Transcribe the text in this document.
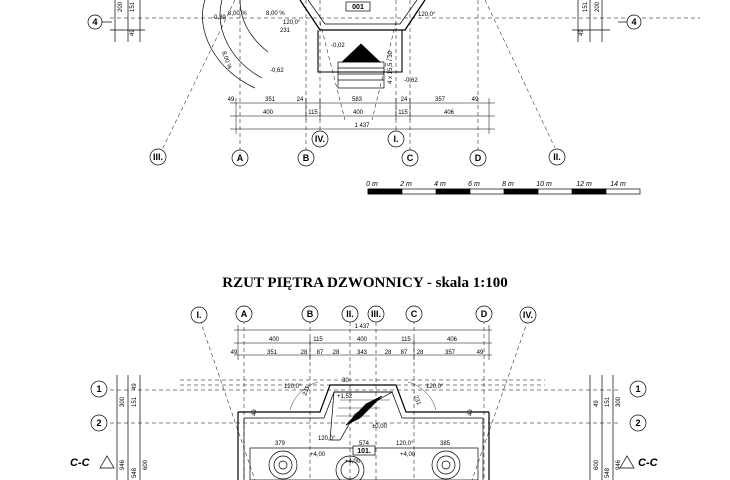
4	4
001
-0,39
-0,02
-0,62
-0,62
8,00 %	8,00 %
8,00 %
120,0°
120,0°
231
4 x 15,5 / 30
200 151
49
151 200
49
49	351	24	583	24	357	49
400	115	400	115	406
1 437
III.	A
IV.
B
I.
C	D	II.
0 m	2 m	4 m	6 m	8 m	10 m	12 m	14 m
RZUT PIĘTRA DZWONNICY - skala 1:100
I.	A	B	II. III.	C	D	IV.
1 437
400	115	400	115	406
49	351	28 87 28	343	28 87 28	357	49
1
2
1
2
C-C	C-C
101.
+1,52
±0,00
+4,00	+4,00
+4,00
120,0°	120,0°
120,0°
120,0°
379	574	385
49	49
231
231
30
300 151
49
946
548
600
49 151 300
600
548
946
